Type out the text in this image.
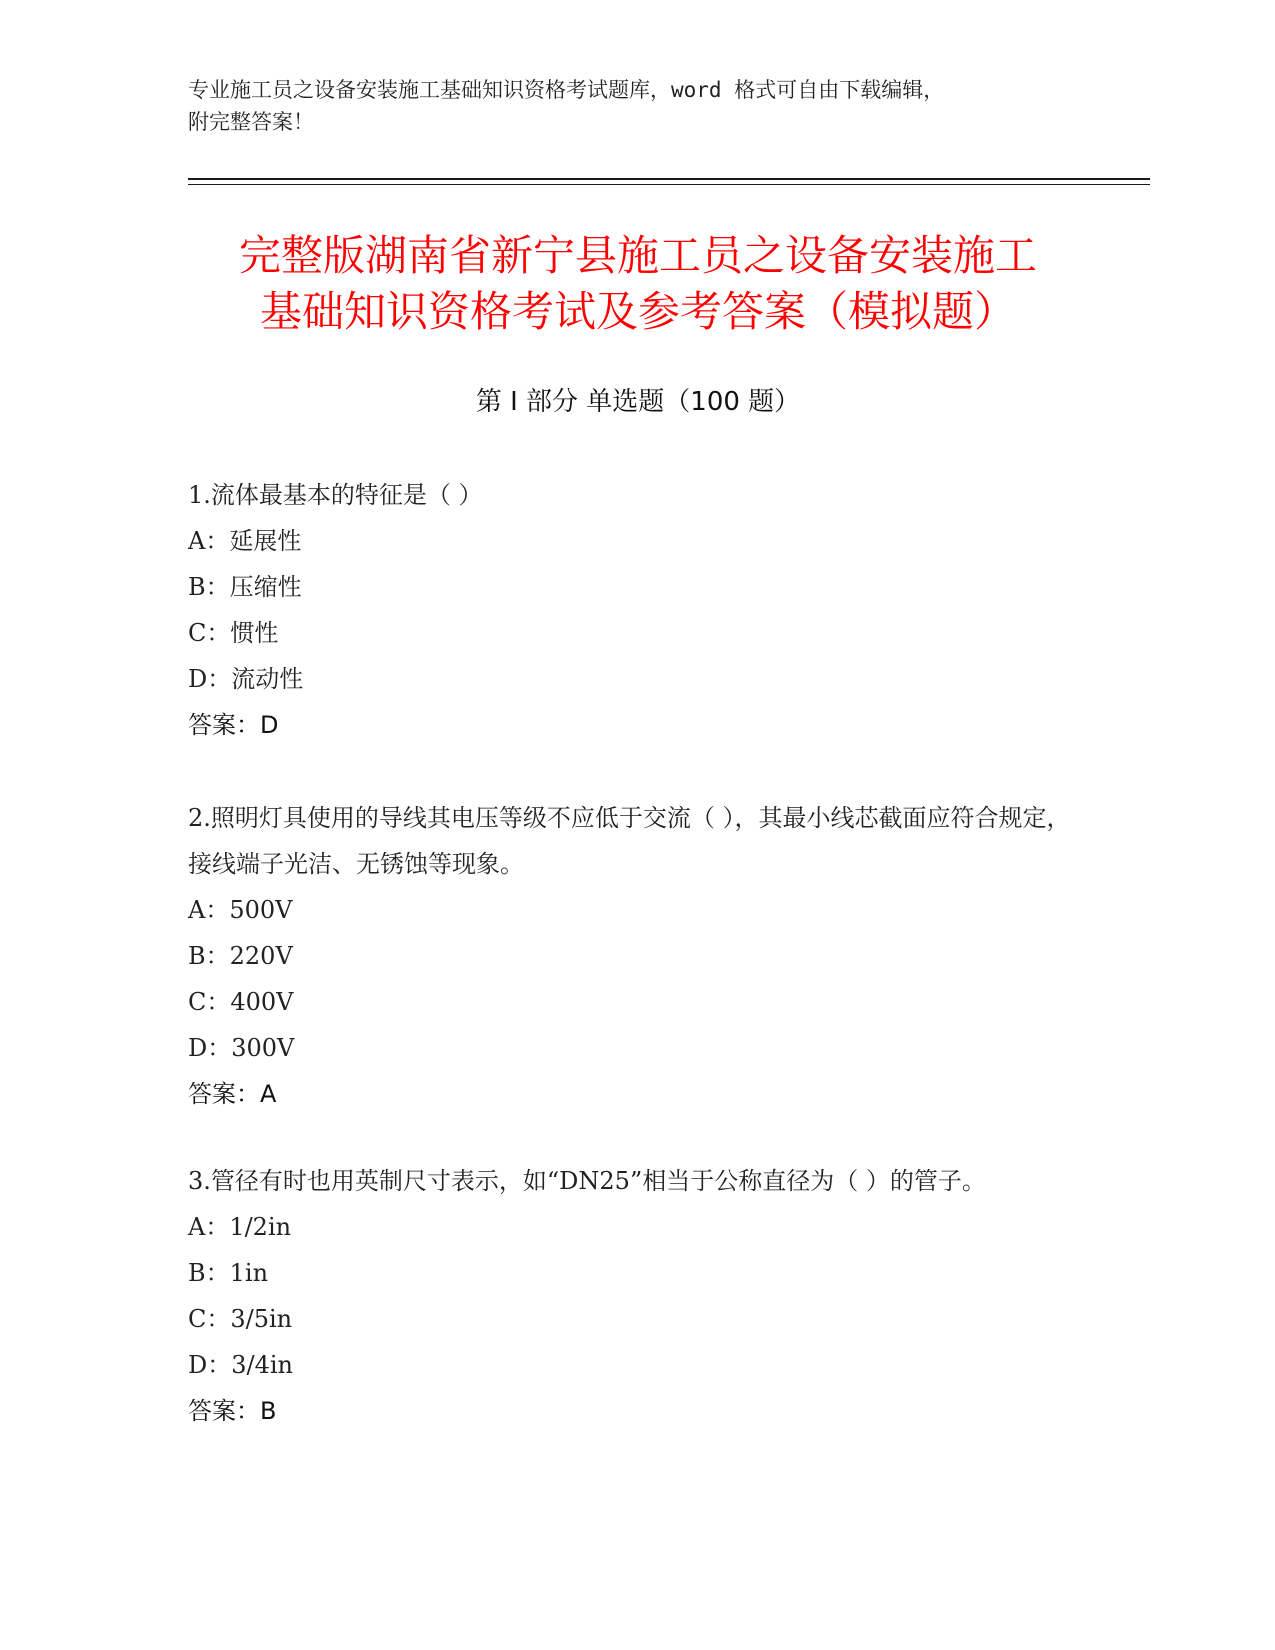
专业施工员之设备安装施工基础知识资格考试题库，word 格式可自由下载编辑，
附完整答案！
完整版湖南省新宁县施工员之设备安装施工
基础知识资格考试及参考答案（模拟题）
第 I 部分 单选题（100 题）

1.流体最基本的特征是（ ）

A：延展性

B：压缩性

C：惯性

D：流动性

答案：D

2.照明灯具使用的导线其电压等级不应低于交流（ ），其最小线芯截面应符合规定，接线端子光洁、无锈蚀等现象。

A：500V

B：220V

C：400V

D：300V

答案：A

3.管径有时也用英制尺寸表示，如“DN25”相当于公称直径为（ ）的管子。

A：1/2in

B：1in

C：3/5in

D：3/4in

答案：B
